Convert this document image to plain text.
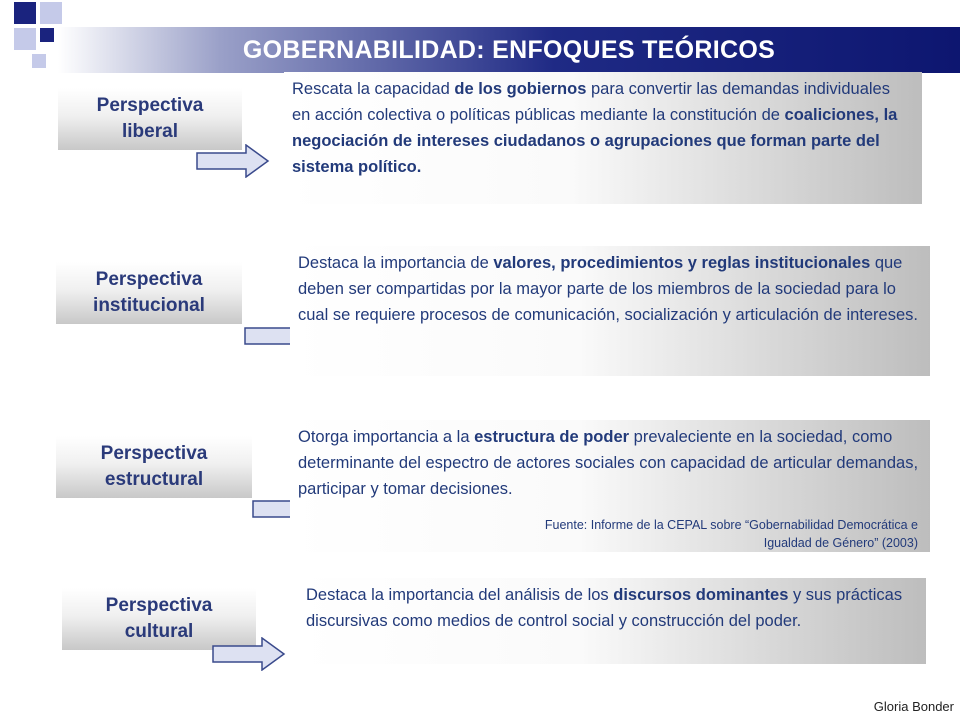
GOBERNABILIDAD: ENFOQUES TEÓRICOS
Perspectiva
liberal
Rescata la capacidad de los gobiernos para convertir las demandas individuales en acción colectiva o políticas públicas mediante la constitución de coaliciones, la negociación de intereses ciudadanos o agrupaciones que forman parte del sistema político.
Perspectiva
institucional
Destaca la importancia de valores, procedimientos y reglas institucionales que deben ser compartidas por la mayor parte de los miembros de la sociedad para lo cual se requiere procesos de comunicación, socialización y articulación de intereses.
Perspectiva
estructural
Otorga importancia a la estructura de poder prevaleciente en la sociedad, como determinante del espectro de actores sociales con capacidad de articular demandas, participar y tomar decisiones.
Fuente: Informe de la CEPAL sobre “Gobernabilidad Democrática e
Igualdad de Género” (2003)
Perspectiva
cultural
Destaca la importancia del análisis de los discursos dominantes y sus prácticas discursivas como medios de control social y construcción del poder.
Gloria Bonder
